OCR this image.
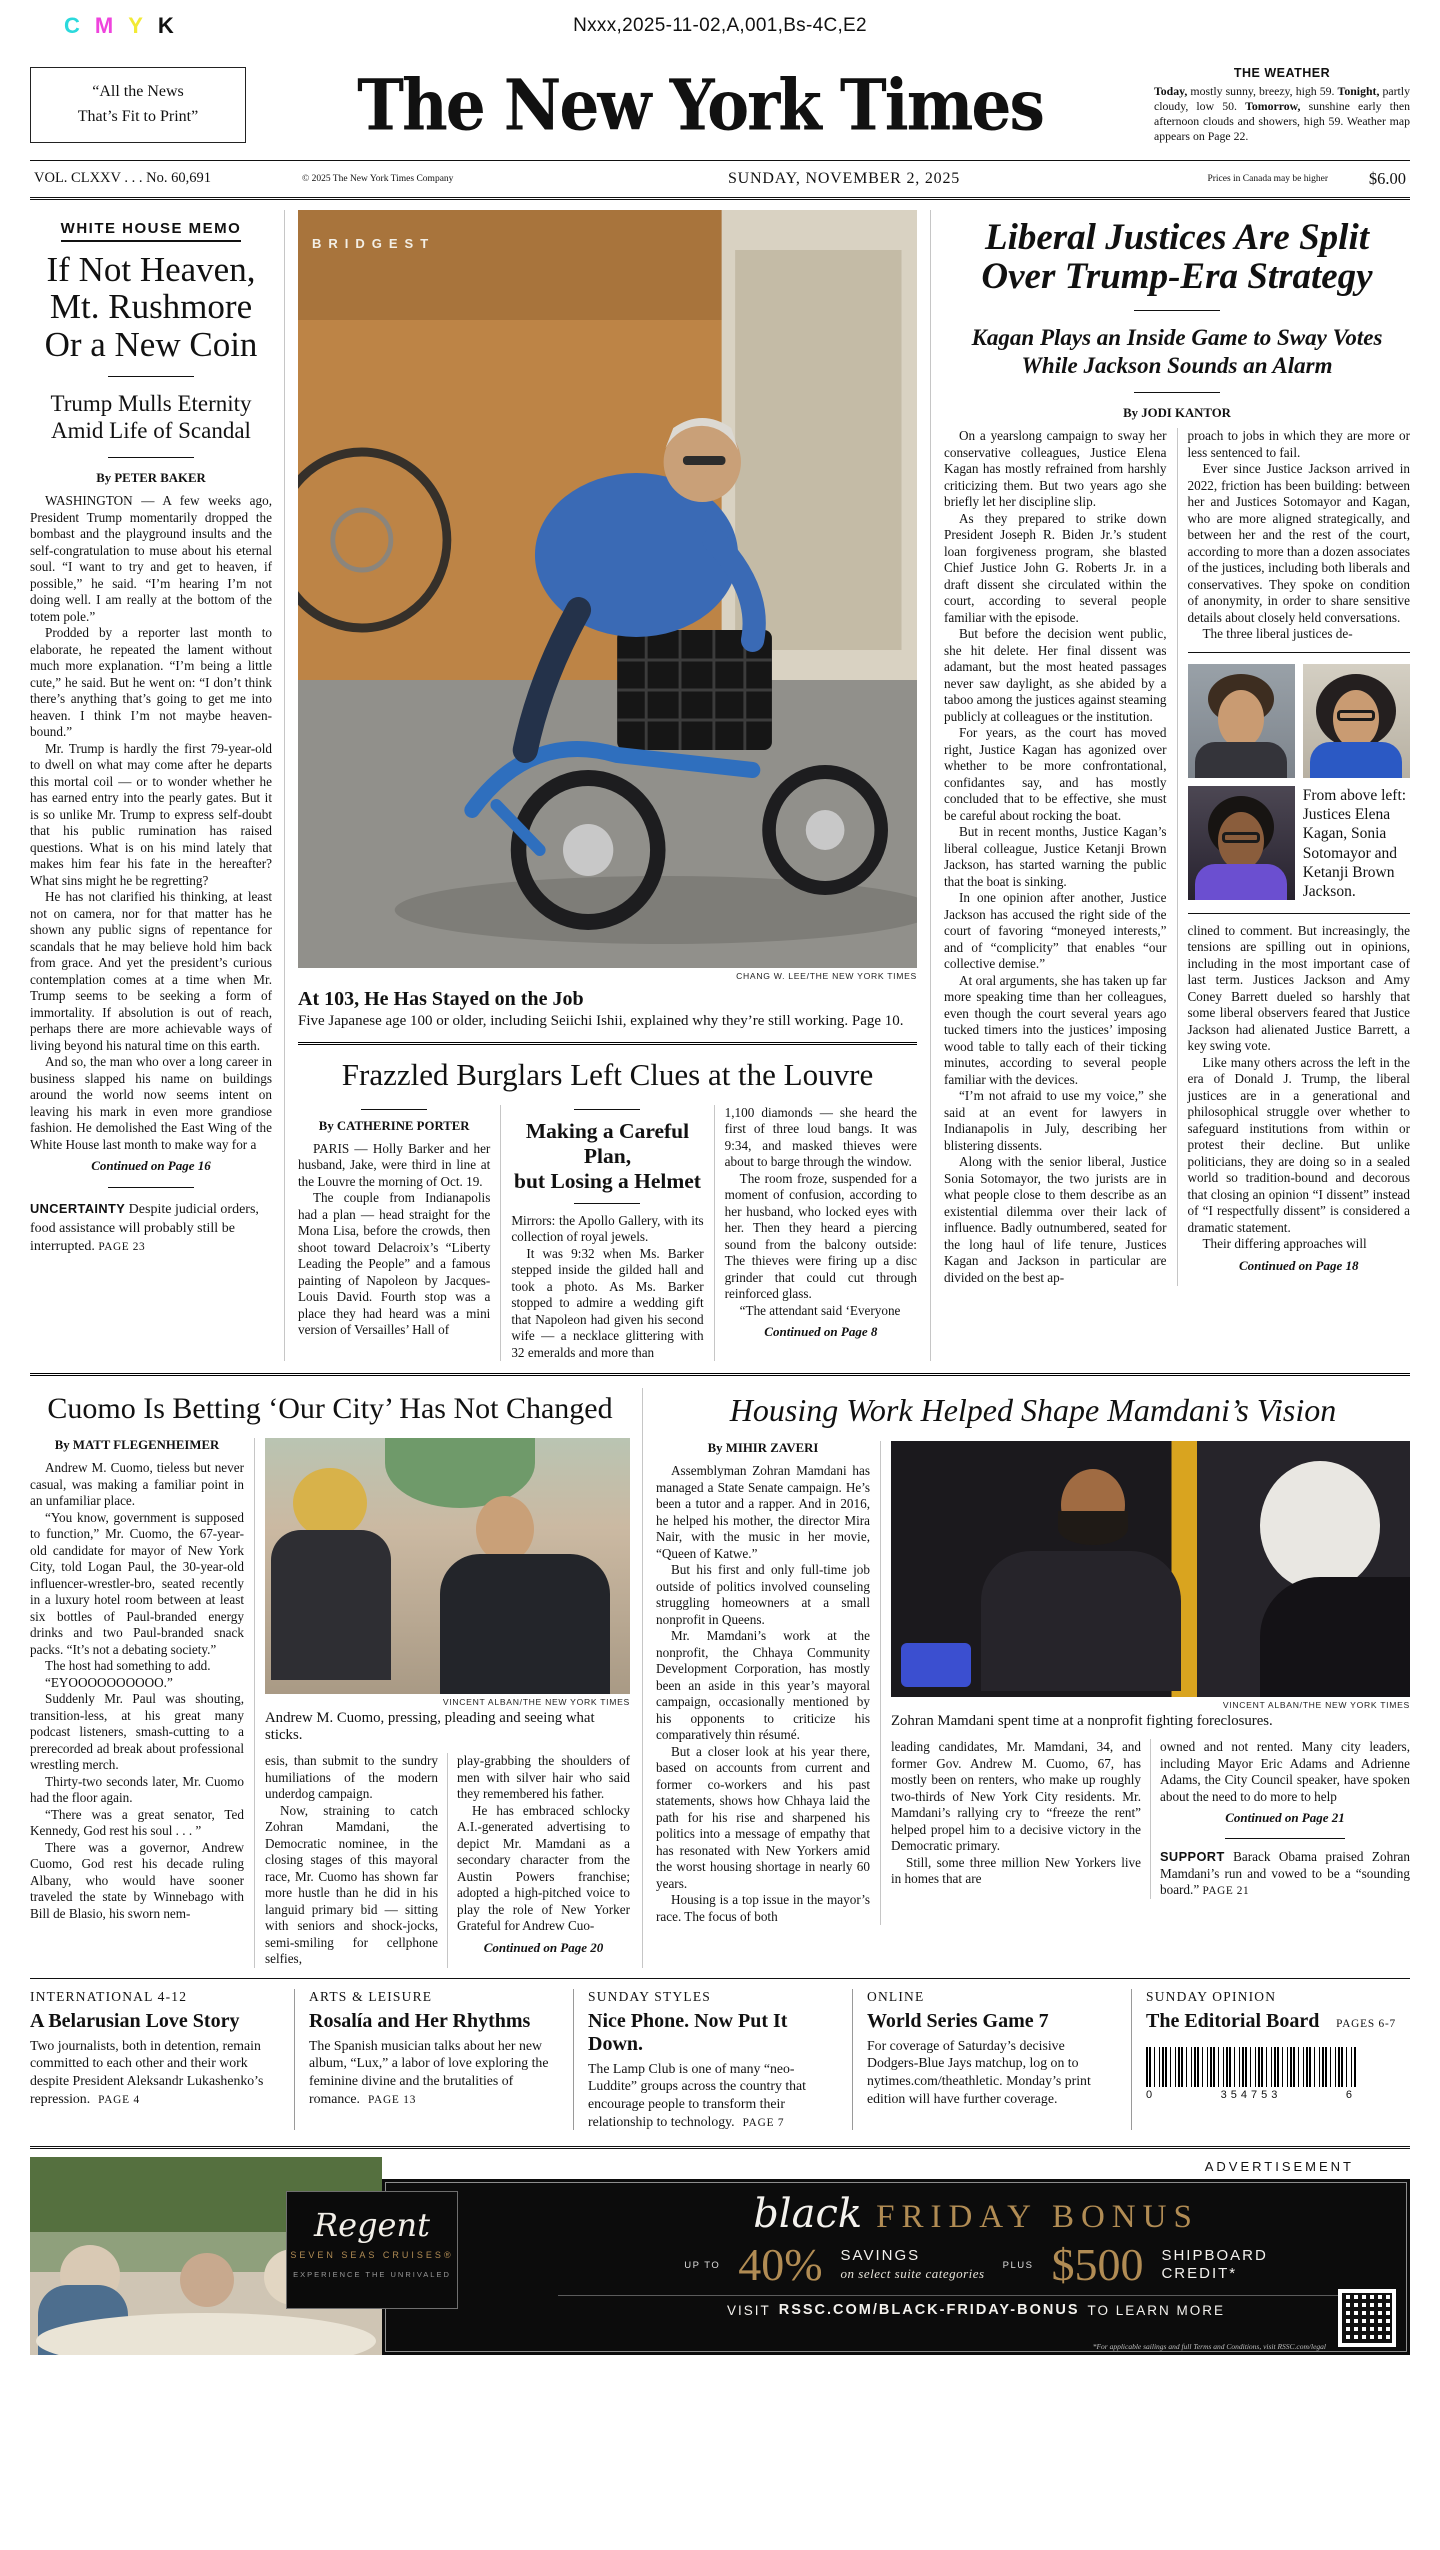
C M Y K	Nxxx,2025-11-02,A,001,Bs-4C,E2
“All the News
That’s Fit to Print”	The New York Times	THE WEATHER

Today, mostly sunny, breezy, high 59. Tonight, partly cloudy, low 50. Tomorrow, sunshine early then afternoon clouds and showers, high 59. Weather map appears on Page 22.

VOL. CLXXV . . . No. 60,691	© 2025 The New York Times Company	SUNDAY, NOVEMBER 2, 2025	Prices in Canada may be higher	$6.00
WHITE HOUSE MEMO
If Not Heaven,
Mt. Rushmore
Or a New Coin
Trump Mulls Eternity
Amid Life of Scandal
By PETER BAKER

WASHINGTON — A few weeks ago, President Trump momentarily dropped the bombast and the playground insults and the self-congratulation to muse about his eternal soul. “I want to try and get to heaven, if possible,” he said. “I’m hearing I’m not doing well. I am really at the bottom of the totem pole.”

Prodded by a reporter last month to elaborate, he repeated the lament without much more explanation. “I’m being a little cute,” he said. But he went on: “I don’t think there’s anything that’s going to get me into heaven. I think I’m not maybe heaven-bound.”

Mr. Trump is hardly the first 79-year-old to dwell on what may come after he departs this mortal coil — or to wonder whether he has earned entry into the pearly gates. But it is so unlike Mr. Trump to express self-doubt that his public rumination has raised questions. What is on his mind lately that makes him fear his fate in the hereafter? What sins might he be regretting?

He has not clarified his thinking, at least not on camera, nor for that matter has he shown any public signs of repentance for scandals that he may believe hold him back from grace. And yet the president’s curious contemplation comes at a time when Mr. Trump seems to be seeking a form of immortality. If absolution is out of reach, perhaps there are more achievable ways of living beyond his natural time on this earth.

And so, the man who over a long career in business slapped his name on buildings around the world now seems intent on leaving his mark in even more grandiose fashion. He demolished the East Wing of the White House last month to make way for a

Continued on Page 16

UNCERTAINTY Despite judicial orders, food assistance will probably still be interrupted. PAGE 23

BRIDGEST
CHANG W. LEE/THE NEW YORK TIMES
At 103, He Has Stayed on the Job
Five Japanese age 100 or older, including Seiichi Ishii, explained why they’re still working. Page 10.
Frazzled Burglars Left Clues at the Louvre
By CATHERINE PORTER

PARIS — Holly Barker and her husband, Jake, were third in line at the Louvre the morning of Oct. 19.

The couple from Indianapolis had a plan — head straight for the Mona Lisa, before the crowds, then shoot toward Delacroix’s “Liberty Leading the People” and a famous painting of Napoleon by Jacques-Louis David. Fourth stop was a place they had heard was a mini version of Versailles’ Hall of

Making a Careful Plan,
but Losing a Helmet

Mirrors: the Apollo Gallery, with its collection of royal jewels.

It was 9:32 when Ms. Barker stepped inside the gilded hall and took a photo. As Ms. Barker stopped to admire a wedding gift that Napoleon had given his second wife — a necklace glittering with 32 emeralds and more than

1,100 diamonds — she heard the first of three loud bangs. It was 9:34, and masked thieves were about to barge through the window.

The room froze, suspended for a moment of confusion, according to her husband, who locked eyes with her. Then they heard a piercing sound from the balcony outside: The thieves were firing up a disc grinder that could cut through reinforced glass.

“The attendant said ‘Everyone

Continued on Page 8
Liberal Justices Are Split
Over Trump-Era Strategy
Kagan Plays an Inside Game to Sway Votes
While Jackson Sounds an Alarm
By JODI KANTOR

On a yearslong campaign to sway her conservative colleagues, Justice Elena Kagan has mostly refrained from harshly criticizing them. But two years ago she briefly let her discipline slip.

As they prepared to strike down President Joseph R. Biden Jr.’s student loan forgiveness program, she blasted Chief Justice John G. Roberts Jr. in a draft dissent she circulated within the court, according to several people familiar with the episode.

But before the decision went public, she hit delete. Her final dissent was adamant, but the most heated passages never saw daylight, as she abided by a taboo among the justices against steaming publicly at colleagues or the institution.

For years, as the court has moved right, Justice Kagan has agonized over whether to be more confrontational, confidantes say, and has mostly concluded that to be effective, she must be careful about rocking the boat.

But in recent months, Justice Kagan’s liberal colleague, Justice Ketanji Brown Jackson, has started warning the public that the boat is sinking.

In one opinion after another, Justice Jackson has accused the right side of the court of favoring “moneyed interests,” and of “complicity” that enables “our collective demise.”

At oral arguments, she has taken up far more speaking time than her colleagues, even though the court several years ago tucked timers into the justices’ imposing wood table to tally each of their ticking minutes, according to several people familiar with the devices.

“I’m not afraid to use my voice,” she said at an event for lawyers in Indianapolis in July, describing her blistering dissents.

Along with the senior liberal, Justice Sonia Sotomayor, the two jurists are in what people close to them describe as an existential dilemma over their lack of influence. Badly outnumbered, seated for the long haul of life tenure, Justices Kagan and Jackson in particular are divided on the best ap-

proach to jobs in which they are more or less sentenced to fail.

Ever since Justice Jackson arrived in 2022, friction has been building: between her and Justices Sotomayor and Kagan, who are more aligned strategically, and between her and the rest of the court, according to more than a dozen associates of the justices, including both liberals and conservatives. They spoke on condition of anonymity, in order to share sensitive details about closely held conversations.

The three liberal justices de-

From above left: Justices Elena Kagan, Sonia Sotomayor and Ketanji Brown Jackson.

clined to comment. But increasingly, the tensions are spilling out in opinions, including in the most important case of last term. Justices Jackson and Amy Coney Barrett dueled so harshly that some liberal observers feared that Justice Jackson had alienated Justice Barrett, a key swing vote.

Like many others across the left in the era of Donald J. Trump, the liberal justices are in a generational and philosophical struggle over whether to safeguard institutions from within or protest their decline. But unlike politicians, they are doing so in a sealed world so tradition-bound and decorous that closing an opinion “I dissent” instead of “I respectfully dissent” is considered a dramatic statement.

Their differing approaches will

Continued on Page 18
Cuomo Is Betting ‘Our City’ Has Not Changed
By MATT FLEGENHEIMER

Andrew M. Cuomo, tieless but never casual, was making a familiar point in an unfamiliar place.

“You know, government is supposed to function,” Mr. Cuomo, the 67-year-old candidate for mayor of New York City, told Logan Paul, the 30-year-old influencer-wrestler-bro, seated recently in a luxury hotel room between at least six bottles of Paul-branded energy drinks and two Paul-branded snack packs. “It’s not a debating society.”

The host had something to add.

“EYOOOOOOOOOO.”

Suddenly Mr. Paul was shouting, transition-less, at his great many podcast listeners, smash-cutting to a prerecorded ad break about professional wrestling merch.

Thirty-two seconds later, Mr. Cuomo had the floor again.

“There was a great senator, Ted Kennedy, God rest his soul . . . ”

There was a governor, Andrew Cuomo, God rest his decade ruling Albany, who would have sooner traveled the state by Winnebago with Bill de Blasio, his sworn nem-

VINCENT ALBAN/THE NEW YORK TIMES
Andrew M. Cuomo, pressing, pleading and seeing what sticks.

esis, than submit to the sundry humiliations of the modern underdog campaign.

Now, straining to catch Zohran Mamdani, the Democratic nominee, in the closing stages of this mayoral race, Mr. Cuomo has shown far more hustle than he did in his languid primary bid — sitting with seniors and shock-jocks, semi-smiling for cellphone selfies,

play-grabbing the shoulders of men with silver hair who said they remembered his father.

He has embraced schlocky A.I.-generated advertising to depict Mr. Mamdani as a secondary character from the Austin Powers franchise; adopted a high-pitched voice to play the role of New Yorker Grateful for Andrew Cuo-

Continued on Page 20
Housing Work Helped Shape Mamdani’s Vision
By MIHIR ZAVERI

Assemblyman Zohran Mamdani has managed a State Senate campaign. He’s been a tutor and a rapper. And in 2016, he helped his mother, the director Mira Nair, with the music in her movie, “Queen of Katwe.”

But his first and only full-time job outside of politics involved counseling struggling homeowners at a small nonprofit in Queens.

Mr. Mamdani’s work at the nonprofit, the Chhaya Community Development Corporation, has mostly been an aside in this year’s mayoral campaign, occasionally mentioned by his opponents to criticize his comparatively thin résumé.

But a closer look at his year there, based on accounts from current and former co-workers and his past statements, shows how Chhaya laid the path for his rise and sharpened his politics into a message of empathy that has resonated with New Yorkers amid the worst housing shortage in nearly 60 years.

Housing is a top issue in the mayor’s race. The focus of both

VINCENT ALBAN/THE NEW YORK TIMES
Zohran Mamdani spent time at a nonprofit fighting foreclosures.

leading candidates, Mr. Mamdani, 34, and former Gov. Andrew M. Cuomo, 67, has mostly been on renters, who make up roughly two-thirds of New York City residents. Mr. Mamdani’s rallying cry to “freeze the rent” helped propel him to a decisive victory in the Democratic primary.

Still, some three million New Yorkers live in homes that are

owned and not rented. Many city leaders, including Mayor Eric Adams and Adrienne Adams, the City Council speaker, have spoken about the need to do more to help

Continued on Page 21

SUPPORT Barack Obama praised Zohran Mamdani’s run and vowed to be a “sounding board.” PAGE 21

INTERNATIONAL 4-12
A Belarusian Love Story

Two journalists, both in detention, remain committed to each other and their work despite President Aleksandr Lukashenko’s repression. PAGE 4

ARTS & LEISURE
Rosalía and Her Rhythms

The Spanish musician talks about her new album, “Lux,” a labor of love exploring the feminine divine and the brutalities of romance. PAGE 13

SUNDAY STYLES
Nice Phone. Now Put It Down.

The Lamp Club is one of many “neo-Luddite” groups across the country that encourage people to transform their relationship to technology. PAGE 7

ONLINE
World Series Game 7

For coverage of Saturday’s decisive Dodgers-Blue Jays matchup, log on to nytimes.com/theathletic. Monday’s print edition will have further coverage.

SUNDAY OPINION
The Editorial Board PAGES 6-7
0	354753	6
ADVERTISEMENT
Regent
SEVEN SEAS CRUISES®
EXPERIENCE THE UNRIVALED
black FRIDAY BONUS
UP TO 40% SAVINGS
on select suite categories
PLUS $500 SHIPBOARD
CREDIT*
VISIT RSSC.COM/BLACK-FRIDAY-BONUS TO LEARN MORE
*For applicable sailings and full Terms and Conditions, visit RSSC.com/legal
